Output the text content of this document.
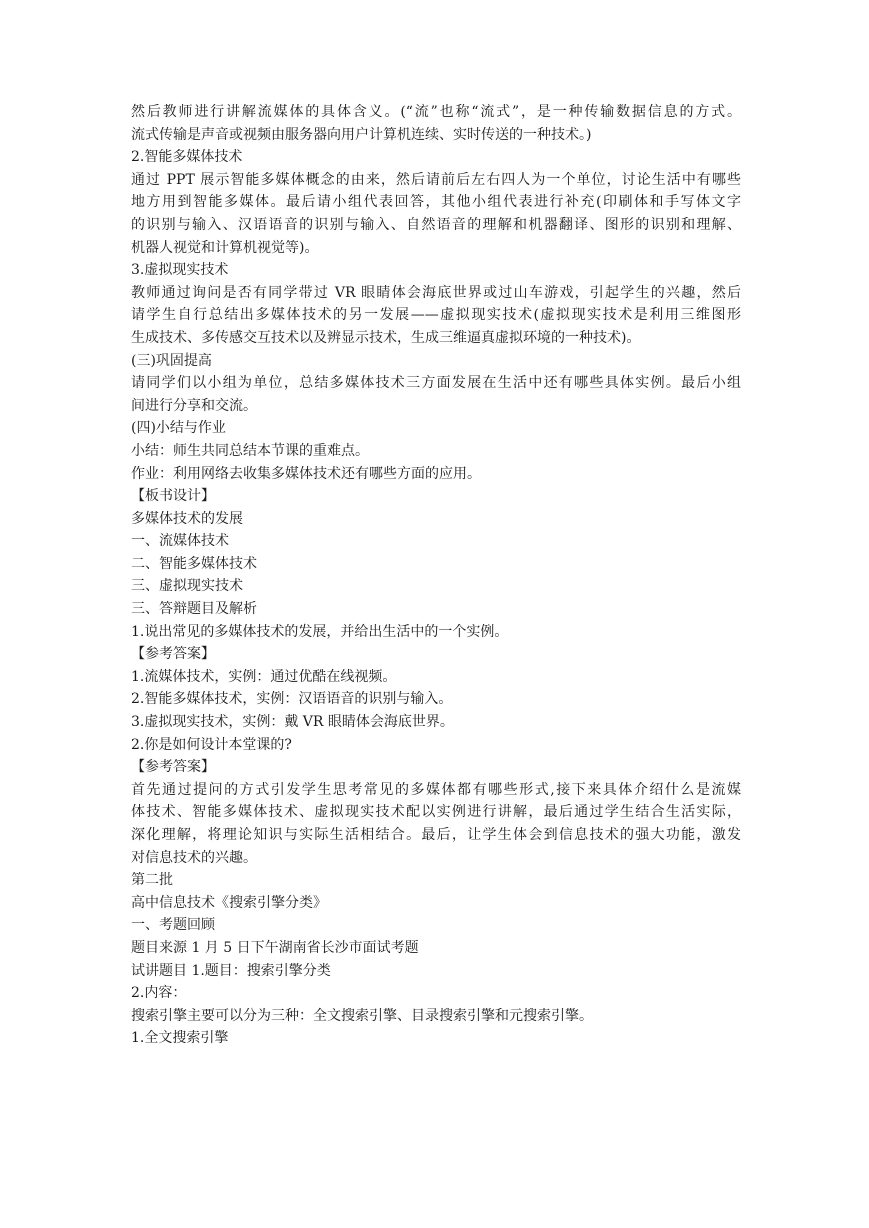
然后教师进行讲解流媒体的具体含义。(“流”也称“流式”，是一种传输数据信息的方式。
流式传输是声音或视频由服务器向用户计算机连续、实时传送的一种技术。)
2.智能多媒体技术
通过 PPT 展示智能多媒体概念的由来，然后请前后左右四人为一个单位，讨论生活中有哪些
地方用到智能多媒体。最后请小组代表回答，其他小组代表进行补充(印刷体和手写体文字
的识别与输入、汉语语音的识别与输入、自然语音的理解和机器翻译、图形的识别和理解、
机器人视觉和计算机视觉等)。
3.虚拟现实技术
教师通过询问是否有同学带过 VR 眼睛体会海底世界或过山车游戏，引起学生的兴趣，然后
请学生自行总结出多媒体技术的另一发展——虚拟现实技术(虚拟现实技术是利用三维图形
生成技术、多传感交互技术以及辨显示技术，生成三维逼真虚拟环境的一种技术)。
(三)巩固提高
请同学们以小组为单位，总结多媒体技术三方面发展在生活中还有哪些具体实例。最后小组
间进行分享和交流。
(四)小结与作业
小结：师生共同总结本节课的重难点。
作业：利用网络去收集多媒体技术还有哪些方面的应用。
【板书设计】
多媒体技术的发展
一、流媒体技术
二、智能多媒体技术
三、虚拟现实技术
三、答辩题目及解析
1.说出常见的多媒体技术的发展，并给出生活中的一个实例。
【参考答案】
1.流媒体技术，实例：通过优酷在线视频。
2.智能多媒体技术，实例：汉语语音的识别与输入。
3.虚拟现实技术，实例：戴 VR 眼睛体会海底世界。
2.你是如何设计本堂课的?
【参考答案】
首先通过提问的方式引发学生思考常见的多媒体都有哪些形式,接下来具体介绍什么是流媒
体技术、智能多媒体技术、虚拟现实技术配以实例进行讲解，最后通过学生结合生活实际，
深化理解，将理论知识与实际生活相结合。最后，让学生体会到信息技术的强大功能，激发
对信息技术的兴趣。
第二批
高中信息技术《搜索引擎分类》
一、考题回顾
题目来源 1 月 5 日下午湖南省长沙市面试考题
试讲题目 1.题目：搜索引擎分类
2.内容：
搜索引擎主要可以分为三种：全文搜索引擎、目录搜索引擎和元搜索引擎。
1.全文搜索引擎
